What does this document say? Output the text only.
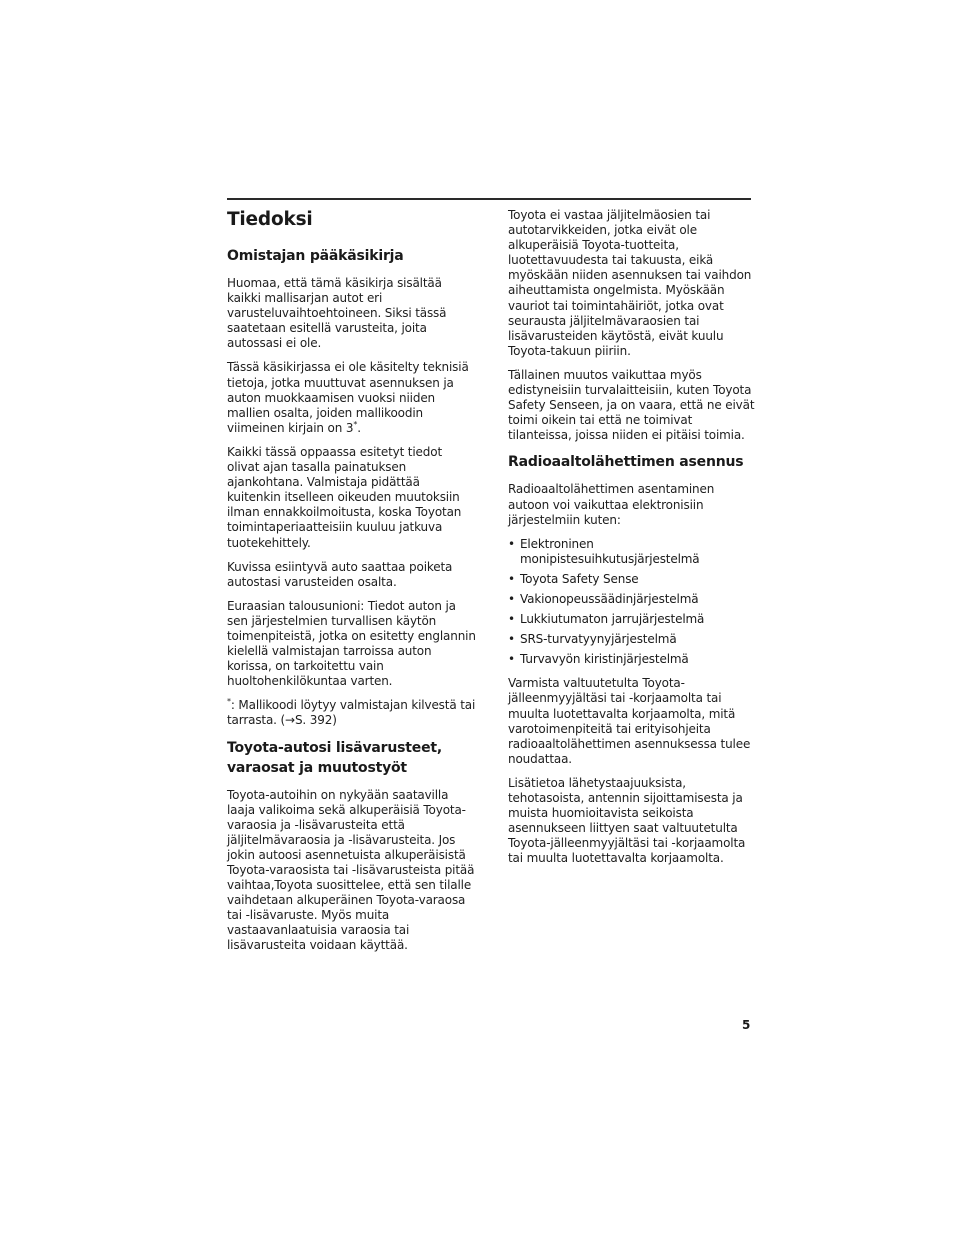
Tiedoksi
Omistajan pääkäsikirja

Huomaa, että tämä käsikirja sisältää kaikki mallisarjan autot eri varusteluvaihtoehtoineen. Siksi tässä saatetaan esitellä varusteita, joita autossasi ei ole.

Tässä käsikirjassa ei ole käsitelty teknisiä tietoja, jotka muuttuvat asennuksen ja auton muokkaamisen vuoksi niiden mallien osalta, joiden mallikoodin viimeinen kirjain on 3*.

Kaikki tässä oppaassa esitetyt tiedot olivat ajan tasalla painatuksen ajankohtana. Valmistaja pidättää kuitenkin itselleen oikeuden muutoksiin ilman ennakkoilmoitusta, koska Toyotan toimintaperiaatteisiin kuuluu jatkuva tuotekehittely.

Kuvissa esiintyvä auto saattaa poiketa autostasi varusteiden osalta.

Euraasian talousunioni: Tiedot auton ja sen järjestelmien turvallisen käytön toimenpiteistä, jotka on esitetty englannin kielellä valmistajan tarroissa auton korissa, on tarkoitettu vain huoltohenkilökuntaa varten.

*: Mallikoodi löytyy valmistajan kilvestä tai tarrasta. (→S. 392)

Toyota-autosi lisävarusteet,
varaosat ja muutostyöt

Toyota-autoihin on nykyään saatavilla laaja valikoima sekä alkuperäisiä Toyota-varaosia ja -lisävarusteita että jäljitelmävaraosia ja -lisävarusteita. Jos jokin autoosi asennetuista alkuperäisistä Toyota-varaosista tai -lisävarusteista pitää vaihtaa,Toyota suosittelee, että sen tilalle vaihdetaan alkuperäinen Toyota-varaosa tai -lisävaruste. Myös muita vastaavanlaatuisia varaosia tai lisävarusteita voidaan käyttää.

Toyota ei vastaa jäljitelmäosien tai autotarvikkeiden, jotka eivät ole alkuperäisiä Toyota-tuotteita, luotettavuudesta tai takuusta, eikä myöskään niiden asennuksen tai vaihdon aiheuttamista ongelmista. Myöskään vauriot tai toimintahäiriöt, jotka ovat seurausta jäljitelmävaraosien tai lisävarusteiden käytöstä, eivät kuulu Toyota-takuun piiriin.

Tällainen muutos vaikuttaa myös edistyneisiin turvalaitteisiin, kuten Toyota Safety Senseen, ja on vaara, että ne eivät toimi oikein tai että ne toimivat tilanteissa, joissa niiden ei pitäisi toimia.

Radioaaltolähettimen asennus

Radioaaltolähettimen asentaminen autoon voi vaikuttaa elektronisiin järjestelmiin kuten:

• Elektroninen monipistesuihkutusjärjestelmä
• Toyota Safety Sense
• Vakionopeussäädinjärjestelmä
• Lukkiutumaton jarrujärjestelmä
• SRS-turvatyynyjärjestelmä
• Turvavyön kiristinjärjestelmä

Varmista valtuutetulta Toyota-jälleenmyyjältäsi tai -korjaamolta tai muulta luotettavalta korjaamolta, mitä varotoimenpiteitä tai erityisohjeita radioaaltolähettimen asennuksessa tulee noudattaa.

Lisätietoa lähetystaajuuksista, tehotasoista, antennin sijoittamisesta ja muista huomioitavista seikoista asennukseen liittyen saat valtuutetulta Toyota-jälleenmyyjältäsi tai -korjaamolta tai muulta luotettavalta korjaamolta.

5
